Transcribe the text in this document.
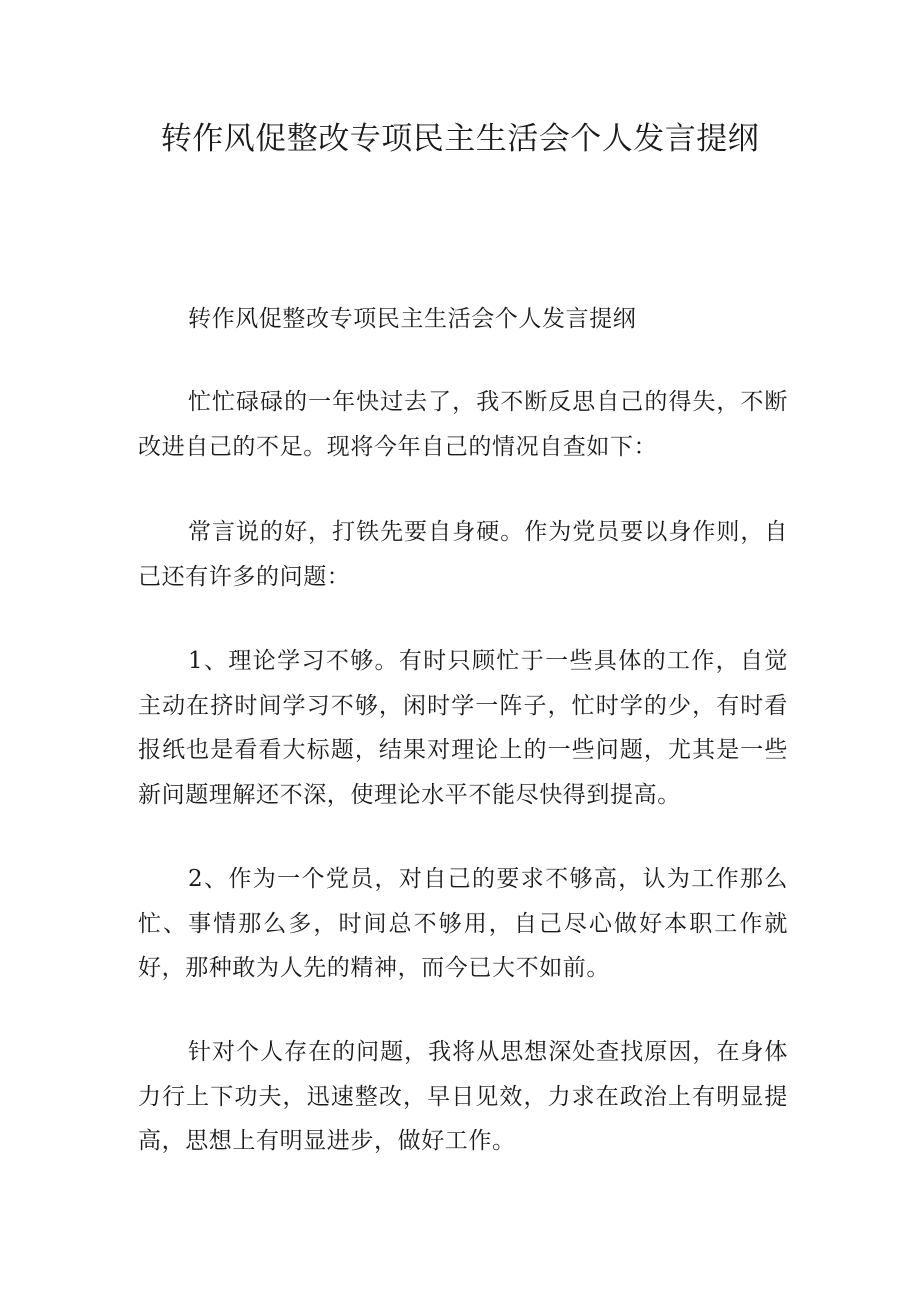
转作风促整改专项民主生活会个人发言提纲

转作风促整改专项民主生活会个人发言提纲

忙忙碌碌的一年快过去了，我不断反思自己的得失，不断改进自己的不足。现将今年自己的情况自查如下：

常言说的好，打铁先要自身硬。作为党员要以身作则，自己还有许多的问题：

1、理论学习不够。有时只顾忙于一些具体的工作，自觉主动在挤时间学习不够，闲时学一阵子，忙时学的少，有时看报纸也是看看大标题，结果对理论上的一些问题，尤其是一些新问题理解还不深，使理论水平不能尽快得到提高。

2、作为一个党员，对自己的要求不够高，认为工作那么忙、事情那么多，时间总不够用，自己尽心做好本职工作就好，那种敢为人先的精神，而今已大不如前。

针对个人存在的问题，我将从思想深处查找原因，在身体力行上下功夫，迅速整改，早日见效，力求在政治上有明显提高，思想上有明显进步，做好工作。
